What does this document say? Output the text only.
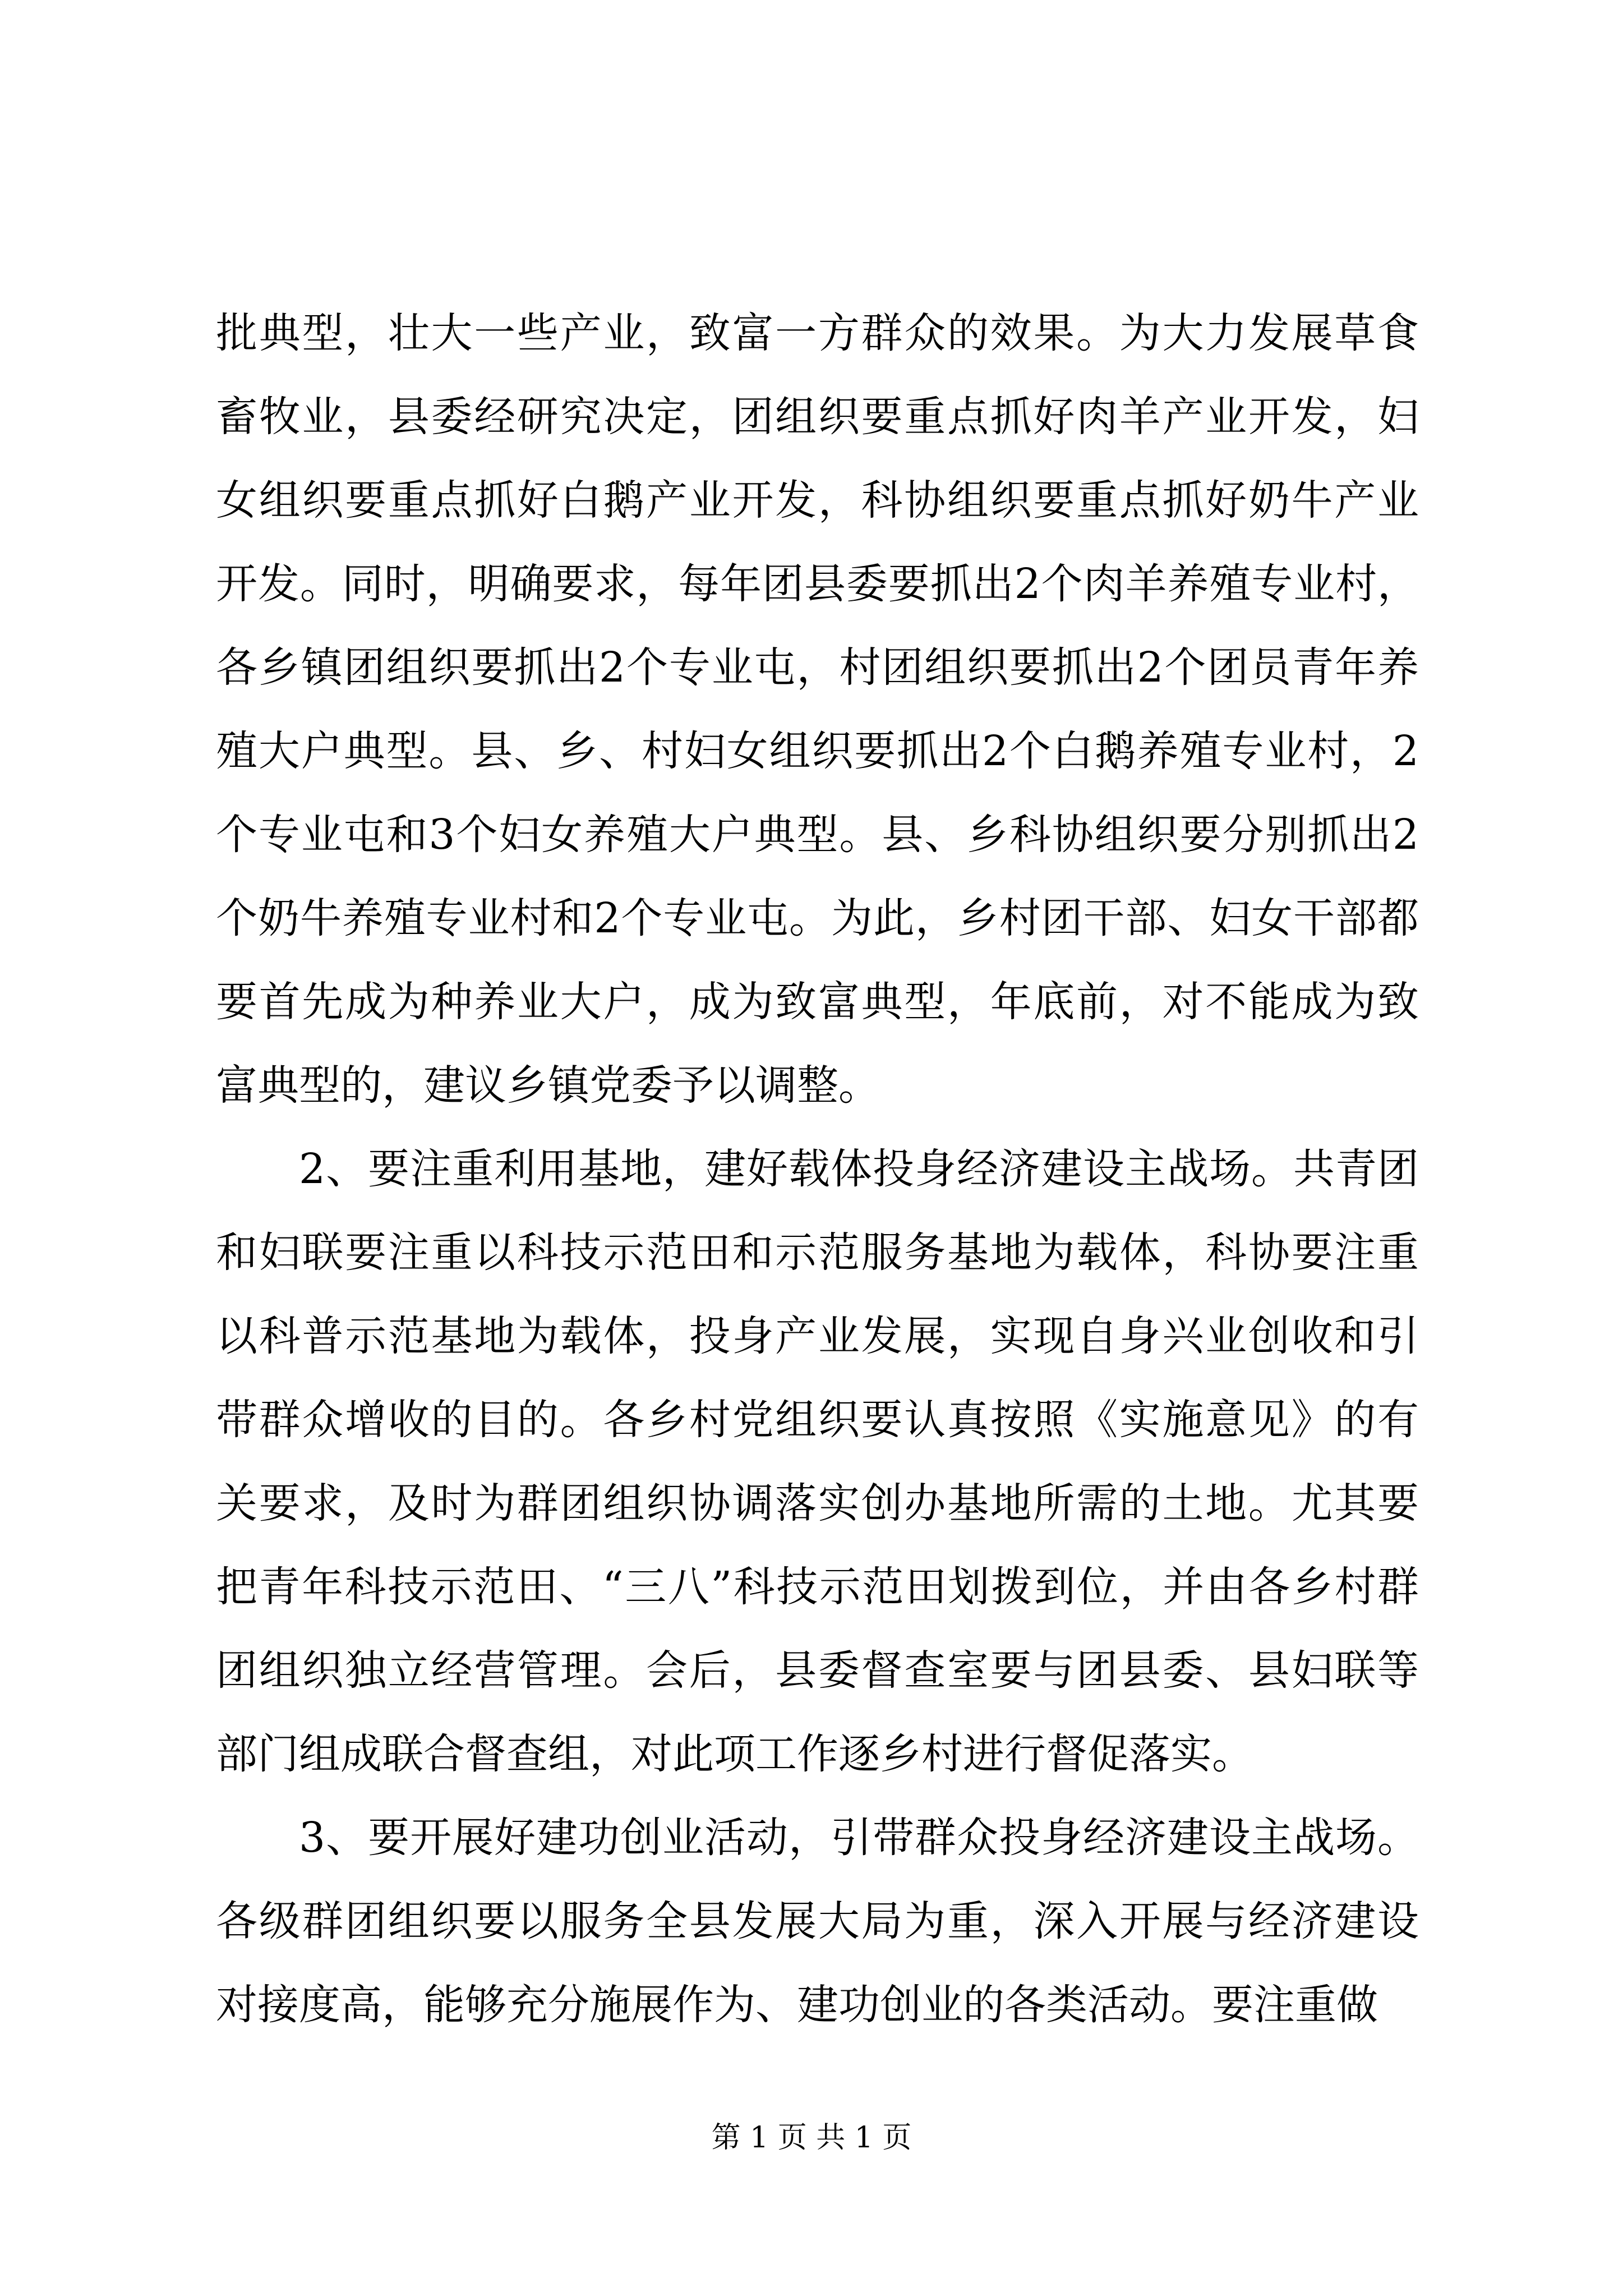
批典型，壮大一些产业，致富一方群众的效果。为大力发展草食畜牧业，县委经研究决定，团组织要重点抓好肉羊产业开发，妇女组织要重点抓好白鹅产业开发，科协组织要重点抓好奶牛产业开发。同时，明确要求，每年团县委要抓出2个肉羊养殖专业村，各乡镇团组织要抓出2个专业屯，村团组织要抓出2个团员青年养殖大户典型。县、乡、村妇女组织要抓出2个白鹅养殖专业村，2个专业屯和3个妇女养殖大户典型。县、乡科协组织要分别抓出2个奶牛养殖专业村和2个专业屯。为此，乡村团干部、妇女干部都要首先成为种养业大户，成为致富典型，年底前，对不能成为致富典型的，建议乡镇党委予以调整。

2、要注重利用基地，建好载体投身经济建设主战场。共青团和妇联要注重以科技示范田和示范服务基地为载体，科协要注重以科普示范基地为载体，投身产业发展，实现自身兴业创收和引带群众增收的目的。各乡村党组织要认真按照《实施意见》的有关要求，及时为群团组织协调落实创办基地所需的土地。尤其要把青年科技示范田、“三八”科技示范田划拨到位，并由各乡村群团组织独立经营管理。会后，县委督查室要与团县委、县妇联等部门组成联合督查组，对此项工作逐乡村进行督促落实。

3、要开展好建功创业活动，引带群众投身经济建设主战场。各级群团组织要以服务全县发展大局为重，深入开展与经济建设对接度高，能够充分施展作为、建功创业的各类活动。要注重做

第 1 页 共 1 页
